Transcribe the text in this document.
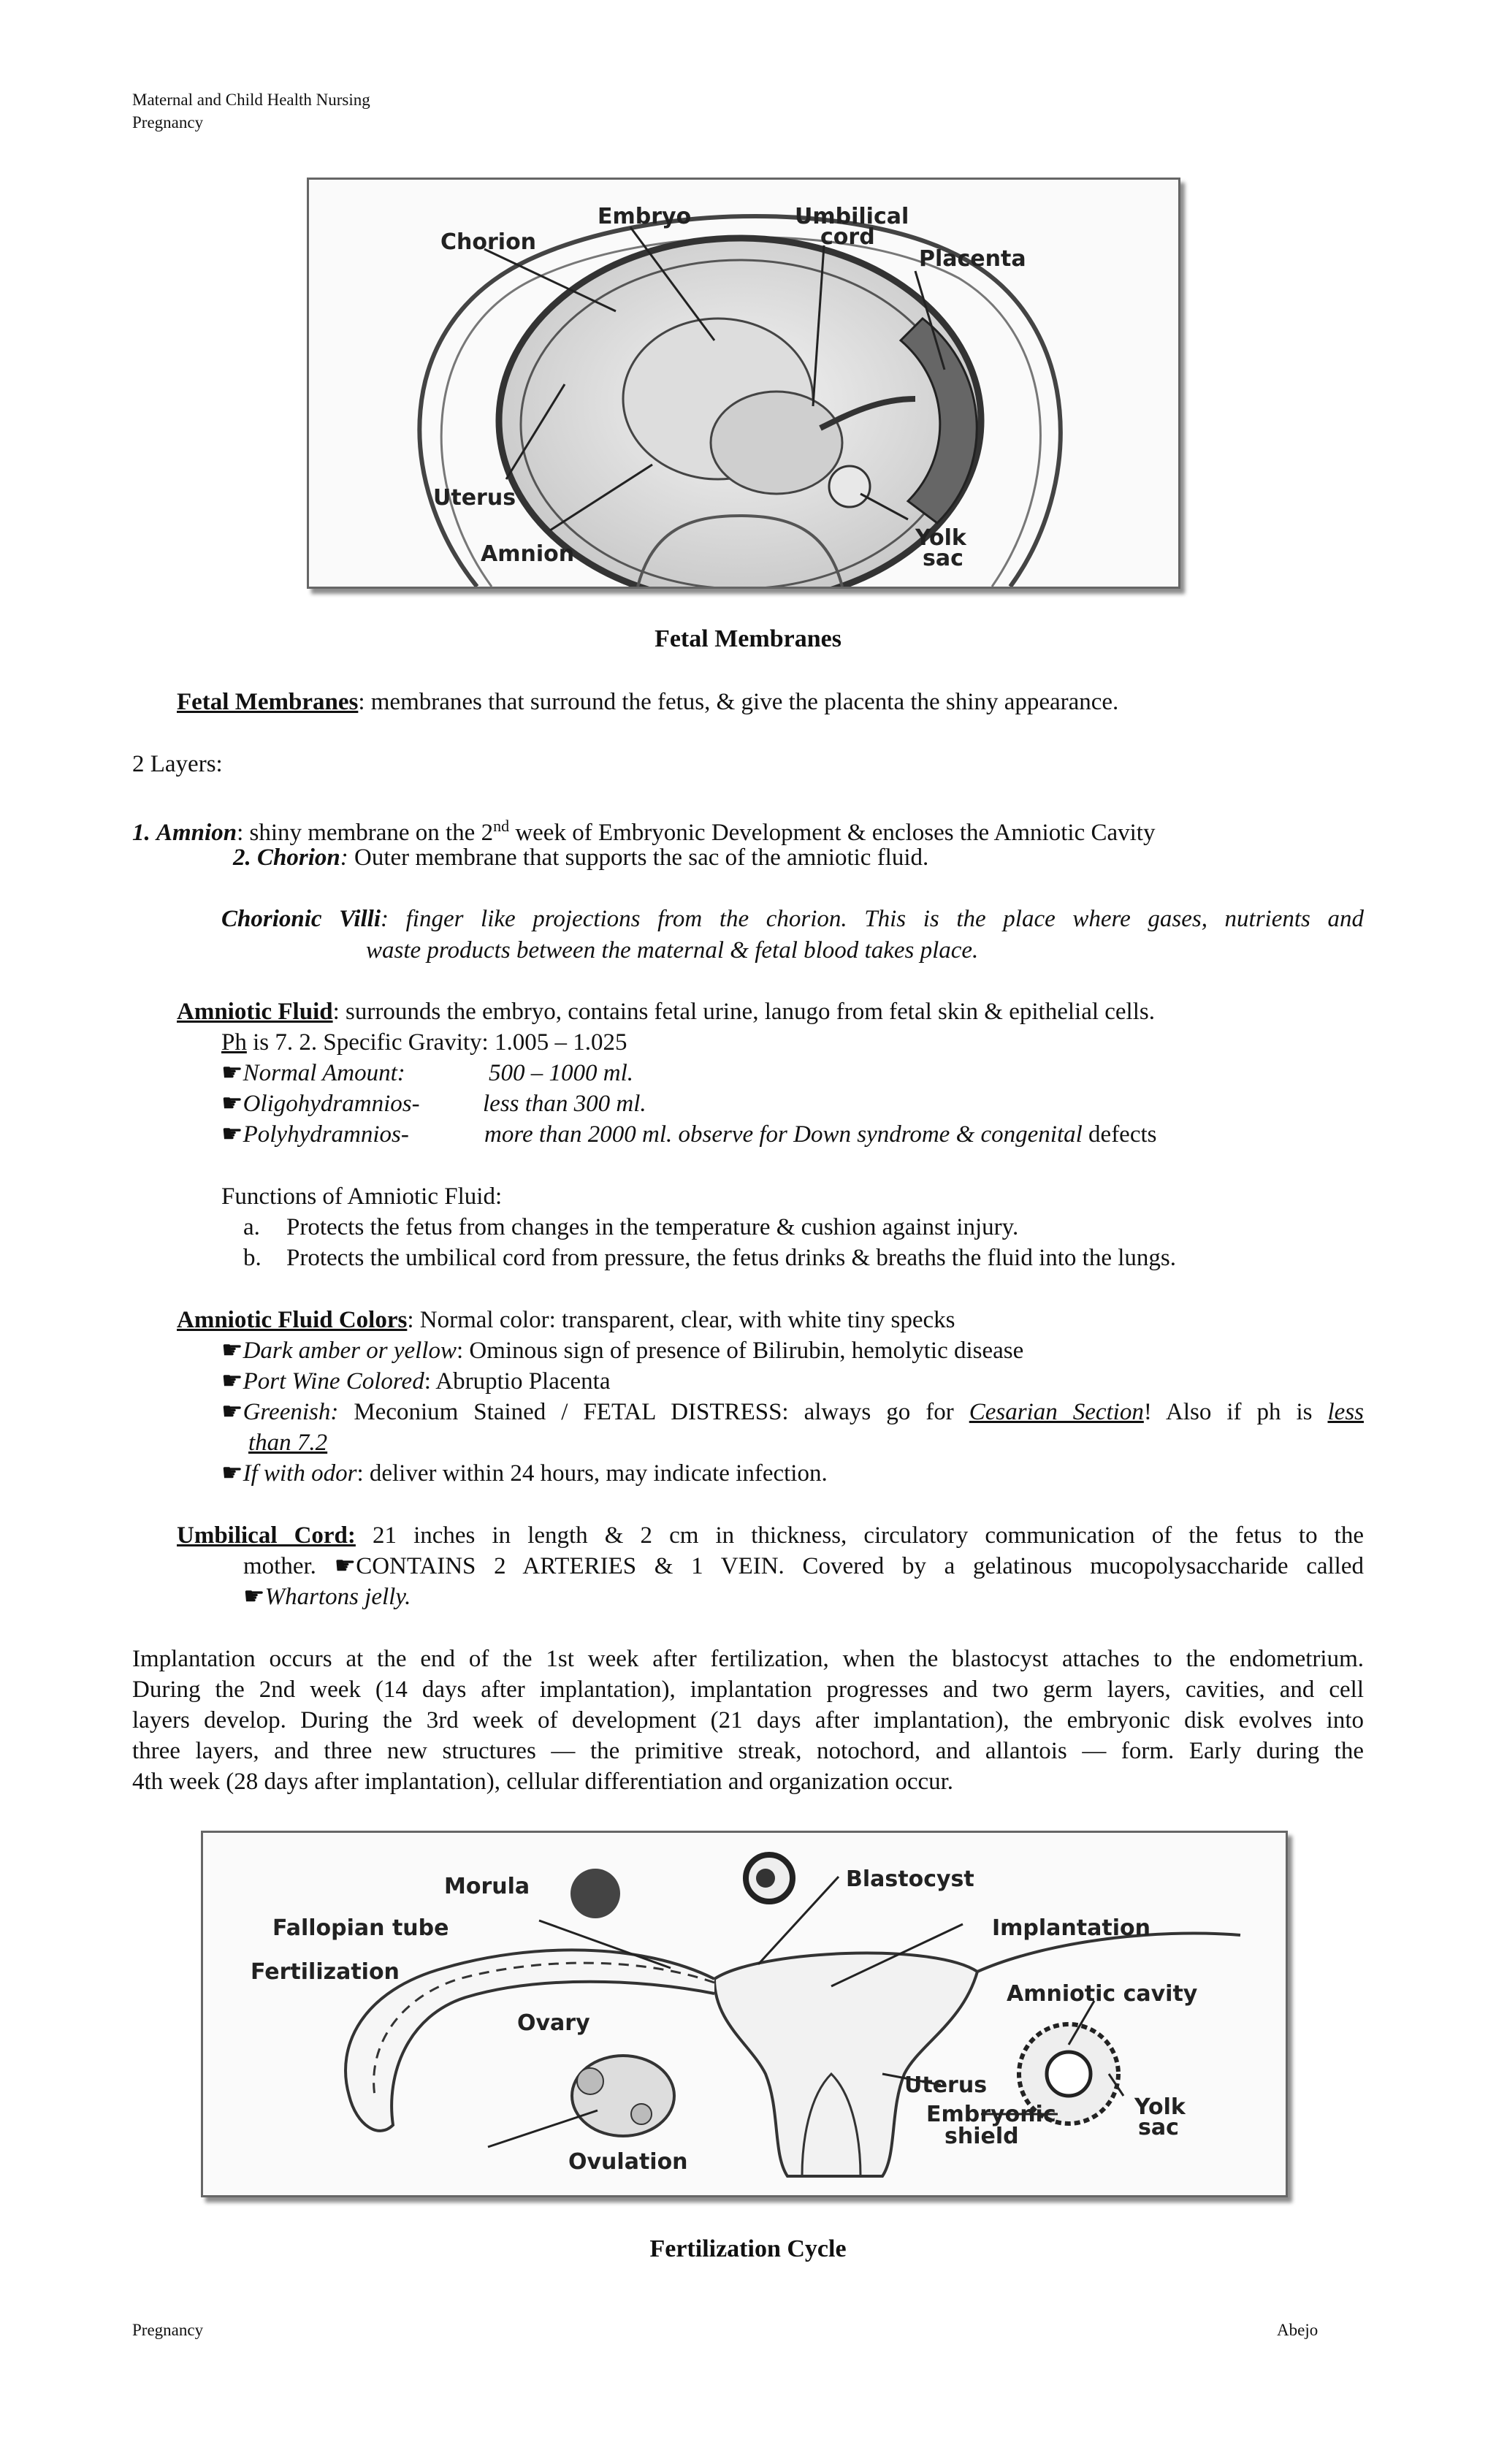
Maternal and Child Health Nursing
Pregnancy
Chorion
Embryo	Umbilical
cord
Placenta
Uterus
Amnion
Yolk
sac
Fetal Membranes
Fetal Membranes: membranes that surround the fetus, & give the placenta the shiny appearance.
2 Layers:
1. Amnion: shiny membrane on the 2nd week of Embryonic Development & encloses the Amniotic Cavity
2. Chorion: Outer membrane that supports the sac of the amniotic fluid.
Chorionic Villi: finger like projections from the chorion. This is the place where gases, nutrients and
waste products between the maternal & fetal blood takes place.
Amniotic Fluid: surrounds the embryo, contains fetal urine, lanugo from fetal skin & epithelial cells.
Ph is 7. 2. Specific Gravity: 1.005 – 1.025
☛Normal Amount:	500 – 1000 ml.
☛Oligohydramnios-	less than 300 ml.
☛Polyhydramnios-	more than 2000 ml. observe for Down syndrome & congenital defects
Functions of Amniotic Fluid:
a. Protects the fetus from changes in the temperature & cushion against injury.
b. Protects the umbilical cord from pressure, the fetus drinks & breaths the fluid into the lungs.
Amniotic Fluid Colors: Normal color: transparent, clear, with white tiny specks
☛Dark amber or yellow: Ominous sign of presence of Bilirubin, hemolytic disease
☛Port Wine Colored: Abruptio Placenta
☛Greenish: Meconium Stained / FETAL DISTRESS: always go for Cesarian Section! Also if ph is less
than 7.2
☛If with odor: deliver within 24 hours, may indicate infection.
Umbilical Cord: 21 inches in length & 2 cm in thickness, circulatory communication of the fetus to the
mother. ☛CONTAINS 2 ARTERIES & 1 VEIN. Covered by a gelatinous mucopolysaccharide called
☛Whartons jelly.
Implantation occurs at the end of the 1st week after fertilization, when the blastocyst attaches to the endometrium.
During the 2nd week (14 days after implantation), implantation progresses and two germ layers, cavities, and cell
layers develop. During the 3rd week of development (21 days after implantation), the embryonic disk evolves into
three layers, and three new structures — the primitive streak, notochord, and allantois — form. Early during the
4th week (28 days after implantation), cellular differentiation and organization occur.
Morula	Blastocyst
Fallopian tube	Implantation
Fertilization
Amniotic cavity
Ovary
Uterus
Embryonic
shield
Yolk
sac
Ovulation
Fertilization Cycle
Pregnancy	Abejo
